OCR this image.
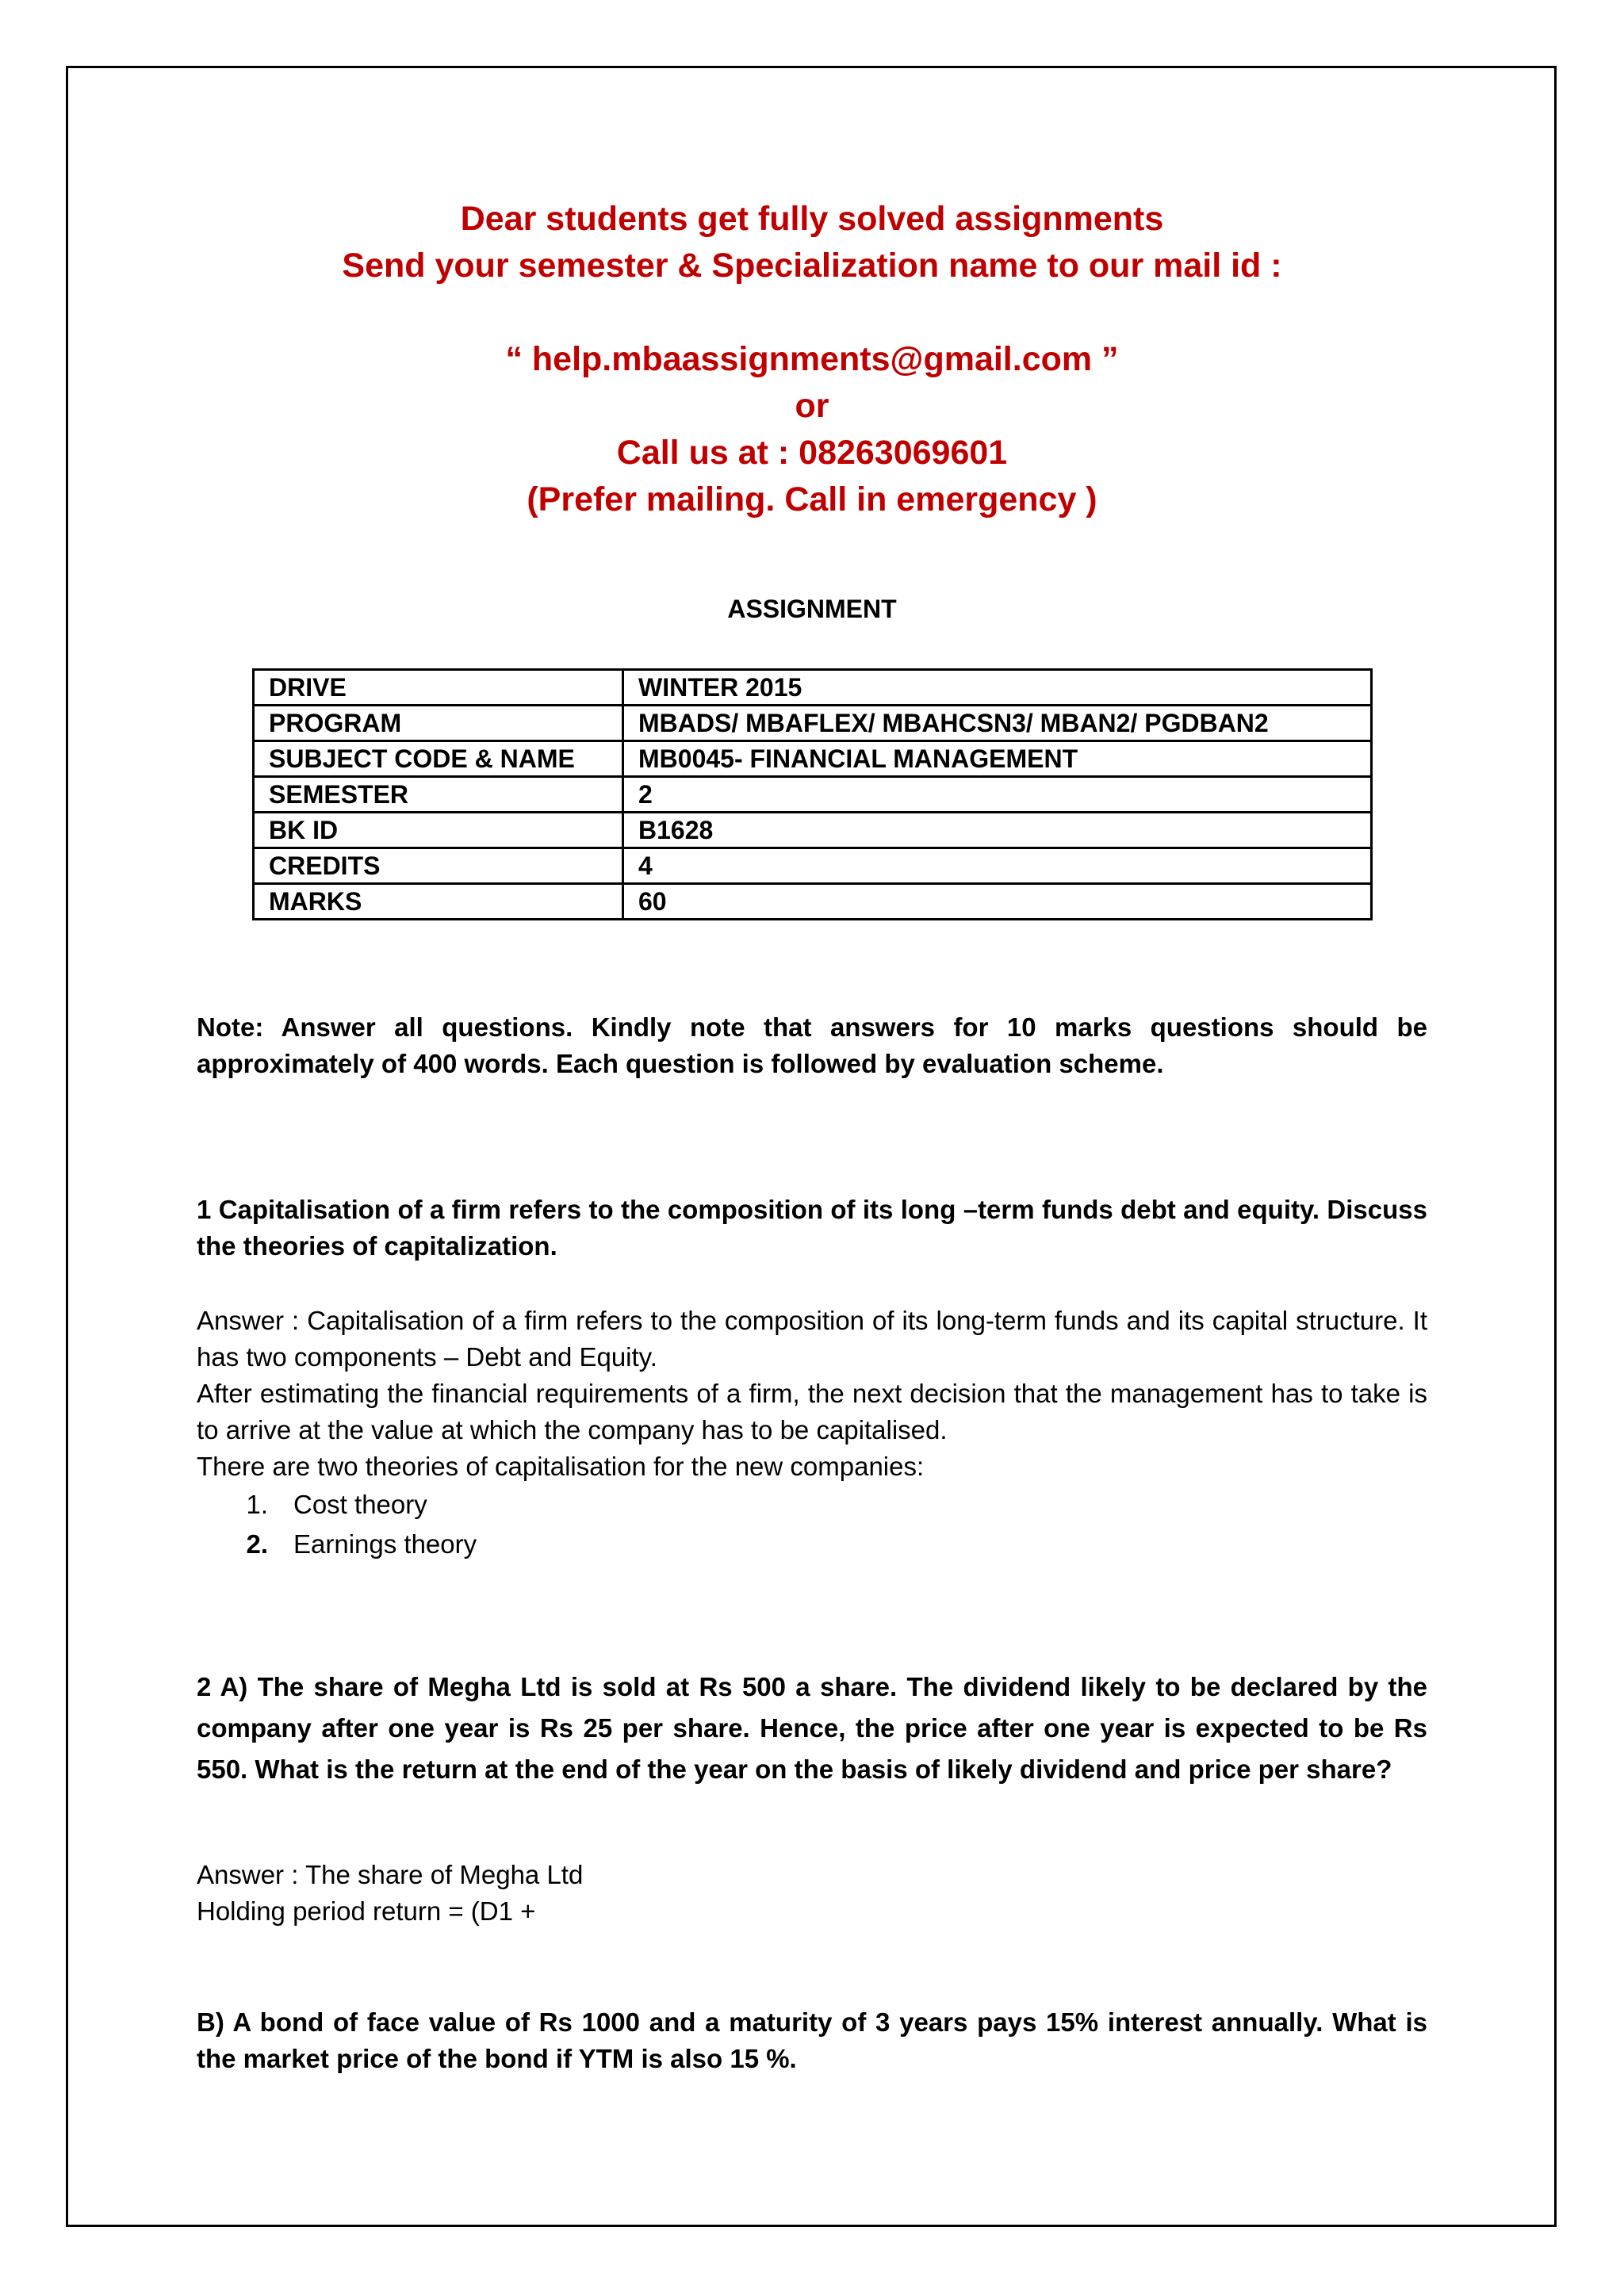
Dear students get fully solved assignments
Send your semester & Specialization name to our mail id :
“ help.mbaassignments@gmail.com ”
or
Call us at : 08263069601
(Prefer mailing. Call in emergency )
ASSIGNMENT
DRIVE	WINTER 2015
PROGRAM	MBADS/ MBAFLEX/ MBAHCSN3/ MBAN2/ PGDBAN2
SUBJECT CODE & NAME	MB0045- FINANCIAL MANAGEMENT
SEMESTER	2
BK ID	B1628
CREDITS	4
MARKS	60
Note: Answer all questions. Kindly note that answers for 10 marks questions should be approximately of 400 words. Each question is followed by evaluation scheme.
1 Capitalisation of a firm refers to the composition of its long –term funds debt and equity. Discuss the theories of capitalization.
Answer : Capitalisation of a firm refers to the composition of its long-term funds and its capital structure. It has two components – Debt and Equity.
After estimating the financial requirements of a firm, the next decision that the management has to take is to arrive at the value at which the company has to be capitalised.
There are two theories of capitalisation for the new companies:
1. Cost theory
2. Earnings theory
2 A) The share of Megha Ltd is sold at Rs 500 a share. The dividend likely to be declared by the company after one year is Rs 25 per share. Hence, the price after one year is expected to be Rs 550. What is the return at the end of the year on the basis of likely dividend and price per share?
Answer : The share of Megha Ltd
Holding period return = (D1 +
B) A bond of face value of Rs 1000 and a maturity of 3 years pays 15% interest annually. What is the market price of the bond if YTM is also 15 %.
